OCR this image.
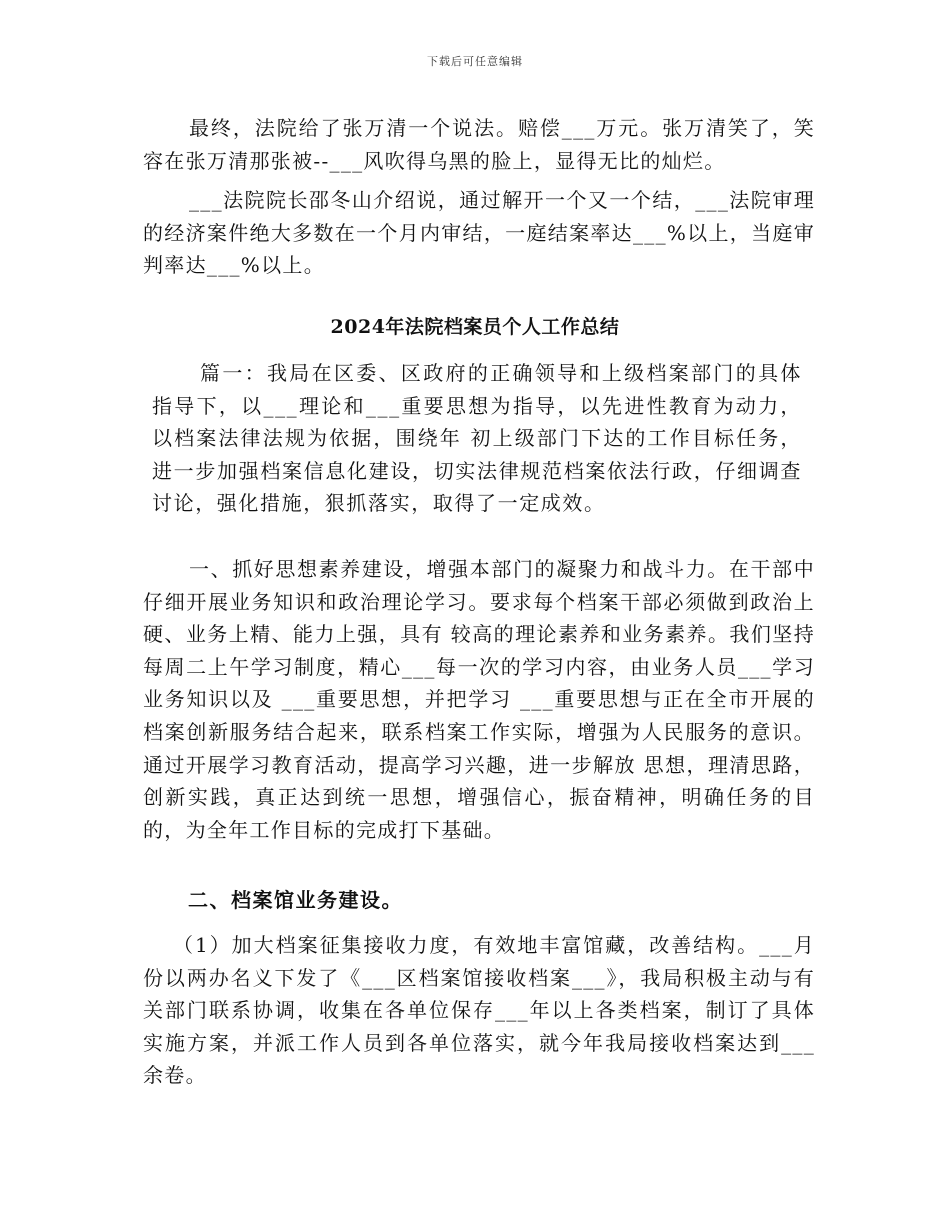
下载后可任意编辑

最终，法院给了张万清一个说法。赔偿___万元。张万清笑了，笑容在张万清那张被--___风吹得乌黑的脸上，显得无比的灿烂。

___法院院长邵冬山介绍说，通过解开一个又一个结，___法院审理的经济案件绝大多数在一个月内审结，一庭结案率达___%以上，当庭审判率达___%以上。

2024年法院档案员个人工作总结

篇一：我局在区委、区政府的正确领导和上级档案部门的具体指导下，以___理论和___重要思想为指导，以先进性教育为动力，以档案法律法规为依据，围绕年 初上级部门下达的工作目标任务，进一步加强档案信息化建设，切实法律规范档案依法行政，仔细调查讨论，强化措施，狠抓落实，取得了一定成效。

一、抓好思想素养建设，增强本部门的凝聚力和战斗力。在干部中仔细开展业务知识和政治理论学习。要求每个档案干部必须做到政治上硬、业务上精、能力上强，具有 较高的理论素养和业务素养。我们坚持每周二上午学习制度，精心___每一次的学习内容，由业务人员___学习业务知识以及 ___重要思想，并把学习 ___重要思想与正在全市开展的档案创新服务结合起来，联系档案工作实际，增强为人民服务的意识。通过开展学习教育活动，提高学习兴趣，进一步解放 思想，理清思路，创新实践，真正达到统一思想，增强信心，振奋精神，明确任务的目的，为全年工作目标的完成打下基础。

二、档案馆业务建设。

（1）加大档案征集接收力度，有效地丰富馆藏，改善结构。___月份以两办名义下发了《___区档案馆接收档案___》，我局积极主动与有 关部门联系协调，收集在各单位保存___年以上各类档案，制订了具体实施方案，并派工作人员到各单位落实，就今年我局接收档案达到___余卷。
